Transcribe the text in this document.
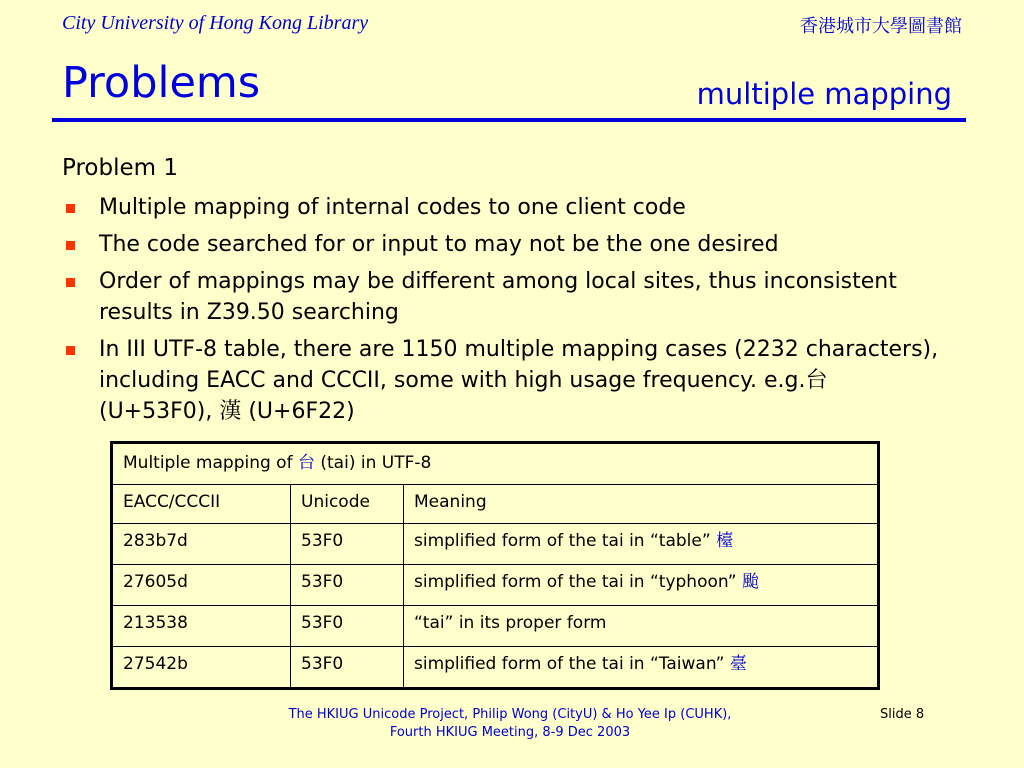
City University of Hong Kong Library	香港城市大學圖書館
Problems	multiple mapping
Problem 1
Multiple mapping of internal codes to one client code
The code searched for or input to may not be the one desired
Order of mappings may be different among local sites, thus inconsistent results in Z39.50 searching
In III UTF-8 table, there are 1150 multiple mapping cases (2232 characters), including EACC and CCCII, some with high usage frequency. e.g.台 (U+53F0), 漢 (U+6F22)
Multiple mapping of 台 (tai) in UTF-8		
EACC/CCCII	Unicode	Meaning
283b7d	53F0	simplified form of the tai in “table” 檯
27605d	53F0	simplified form of the tai in “typhoon” 颱
213538	53F0	“tai” in its proper form
27542b	53F0	simplified form of the tai in “Taiwan” 臺
The HKIUG Unicode Project, Philip Wong (CityU) & Ho Yee Ip (CUHK),
Fourth HKIUG Meeting, 8-9 Dec 2003
Slide 8
